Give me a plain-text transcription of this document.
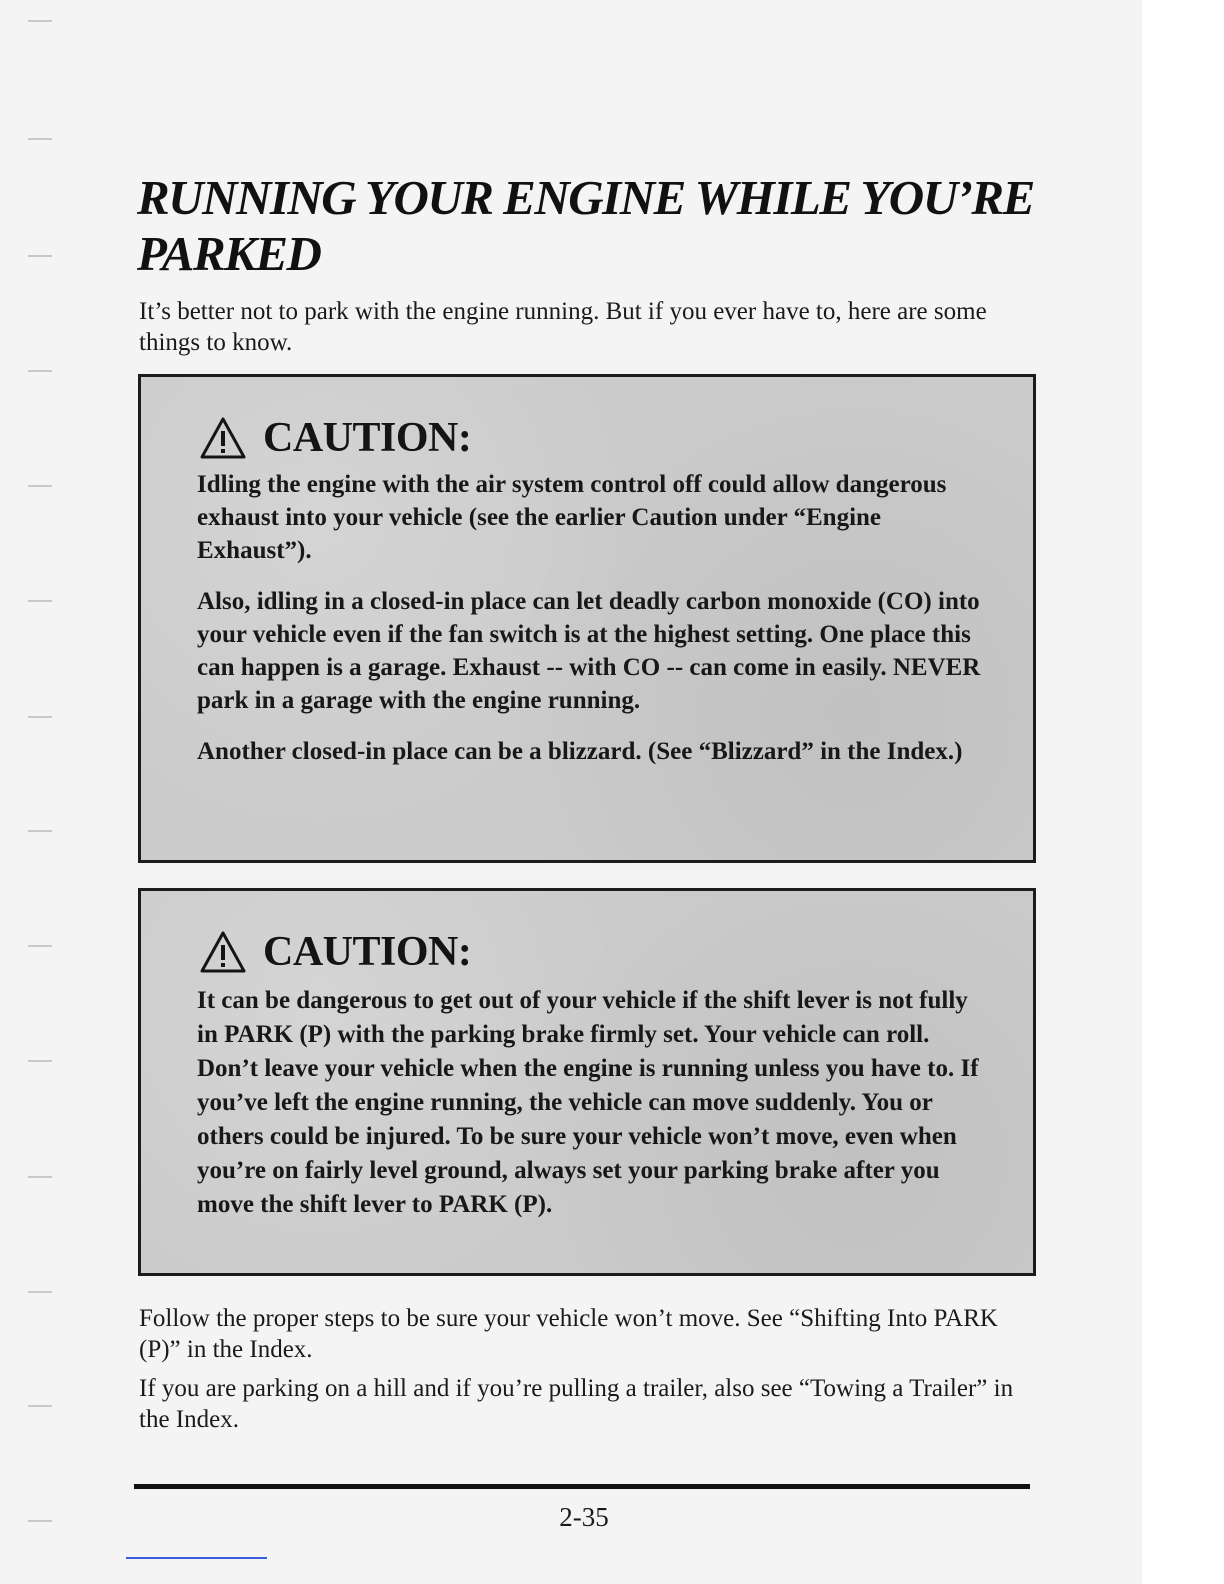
RUNNING YOUR ENGINE WHILE YOU’RE PARKED

It’s better not to park with the engine running. But if you ever have to, here are some things to know.

CAUTION:

Idling the engine with the air system control off could allow dangerous exhaust into your vehicle (see the earlier Caution under “Engine Exhaust”).

Also, idling in a closed-in place can let deadly carbon monoxide (CO) into your vehicle even if the fan switch is at the highest setting. One place this can happen is a garage. Exhaust -- with CO -- can come in easily. NEVER park in a garage with the engine running.

Another closed-in place can be a blizzard. (See “Blizzard” in the Index.)

CAUTION:

It can be dangerous to get out of your vehicle if the shift lever is not fully in PARK (P) with the parking brake firmly set. Your vehicle can roll. Don’t leave your vehicle when the engine is running unless you have to. If you’ve left the engine running, the vehicle can move suddenly. You or others could be injured. To be sure your vehicle won’t move, even when you’re on fairly level ground, always set your parking brake after you move the shift lever to PARK (P).

Follow the proper steps to be sure your vehicle won’t move. See “Shifting Into PARK (P)” in the Index.

If you are parking on a hill and if you’re pulling a trailer, also see “Towing a Trailer” in the Index.

2-35
